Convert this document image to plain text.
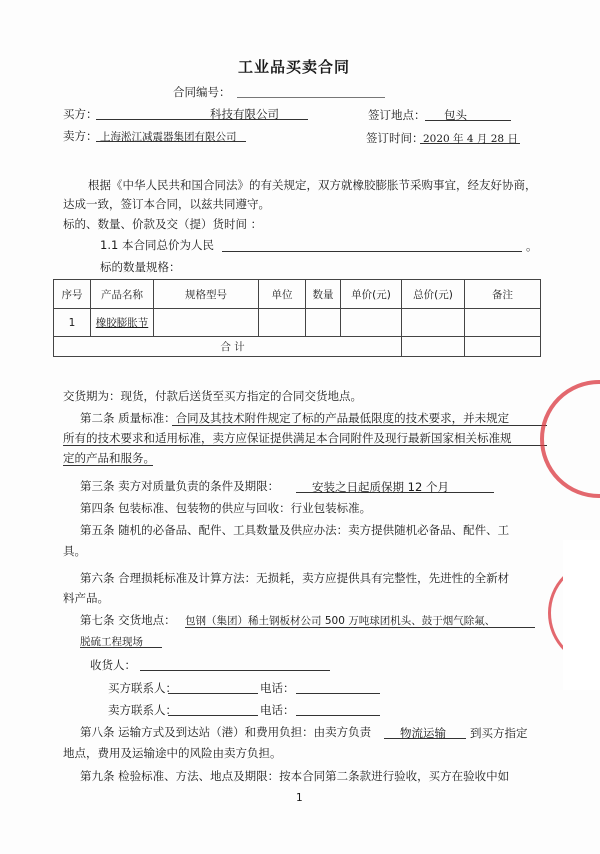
工业品买卖合同
合同编号：
买方：	科技有限公司
卖方： 上海淞江减震器集团有限公司
签订地点： 包头
签订时间： 2020 年 4 月 28 日
根据《中华人民共和国合同法》的有关规定，双方就橡胶膨胀节采购事宜，经友好协商，
达成一致，签订本合同，以兹共同遵守。
标的、数量、价款及交（提）货时间 ：
1.1 本合同总价为人民	。
标的数量规格：
序号	产品名称	规格型号	单位	数量	单价(元)	总价(元)	备注
1	橡胶膨胀节						
合 计							
交货期为：现货，付款后送货至买方指定的合同交货地点。
第二条 质量标准：合同及其技术附件规定了标的产品最低限度的技术要求，并未规定
所有的技术要求和适用标准，卖方应保证提供满足本合同附件及现行最新国家相关标准规
定的产品和服务。
第三条 卖方对质量负责的条件及期限：	安装之日起质保期 12 个月
第四条 包装标准、包装物的供应与回收：行业包装标准。
第五条 随机的必备品、配件、工具数量及供应办法：卖方提供随机必备品、配件、工
具。
第六条 合理损耗标准及计算方法：无损耗，卖方应提供具有完整性，先进性的全新材
料产品。
第七条 交货地点： 包钢（集团）稀土钢板材公司 500 万吨球团机头、鼓于烟气除氟、
脱硫工程现场
收货人：
买方联系人：	电话：
卖方联系人：	电话：
第八条 运输方式及到达站（港）和费用负担：由卖方负责	物流运输 到买方指定
地点，费用及运输途中的风险由卖方负担。
第九条 检验标准、方法、地点及期限：按本合同第二条款进行验收，买方在验收中如
1
